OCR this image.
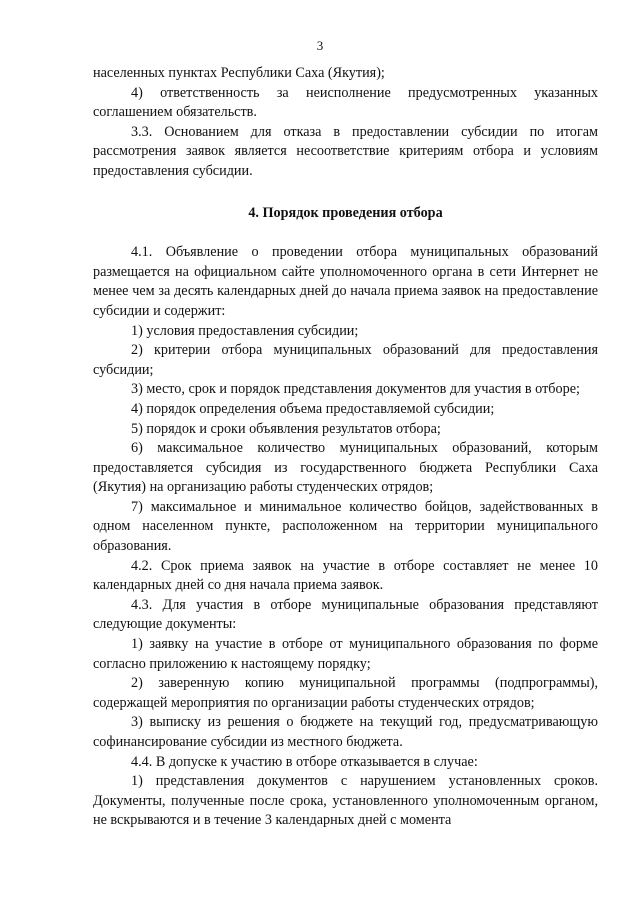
3

населенных пунктах Республики Саха (Якутия);

4) ответственность за неисполнение предусмотренных указанных соглашением обязательств.

3.3. Основанием для отказа в предоставлении субсидии по итогам рассмотрения заявок является несоответствие критериям отбора и условиям предоставления субсидии.

4. Порядок проведения отбора

4.1. Объявление о проведении отбора муниципальных образований размещается на официальном сайте уполномоченного органа в сети Интернет не менее чем за десять календарных дней до начала приема заявок на предоставление субсидии и содержит:

1) условия предоставления субсидии;

2) критерии отбора муниципальных образований для предоставления субсидии;

3) место, срок и порядок представления документов для участия в отборе;

4) порядок определения объема предоставляемой субсидии;

5) порядок и сроки объявления результатов отбора;

6) максимальное количество муниципальных образований, которым предоставляется субсидия из государственного бюджета Республики Саха (Якутия) на организацию работы студенческих отрядов;

7) максимальное и минимальное количество бойцов, задействованных в одном населенном пункте, расположенном на территории муниципального образования.

4.2. Срок приема заявок на участие в отборе составляет не менее 10 календарных дней со дня начала приема заявок.

4.3. Для участия в отборе муниципальные образования представляют следующие документы:

1) заявку на участие в отборе от муниципального образования по форме согласно приложению к настоящему порядку;

2) заверенную копию муниципальной программы (подпрограммы), содержащей мероприятия по организации работы студенческих отрядов;

3) выписку из решения о бюджете на текущий год, предусматривающую софинансирование субсидии из местного бюджета.

4.4. В допуске к участию в отборе отказывается в случае:

1) представления документов с нарушением установленных сроков. Документы, полученные после срока, установленного уполномоченным органом, не вскрываются и в течение 3 календарных дней с момента
